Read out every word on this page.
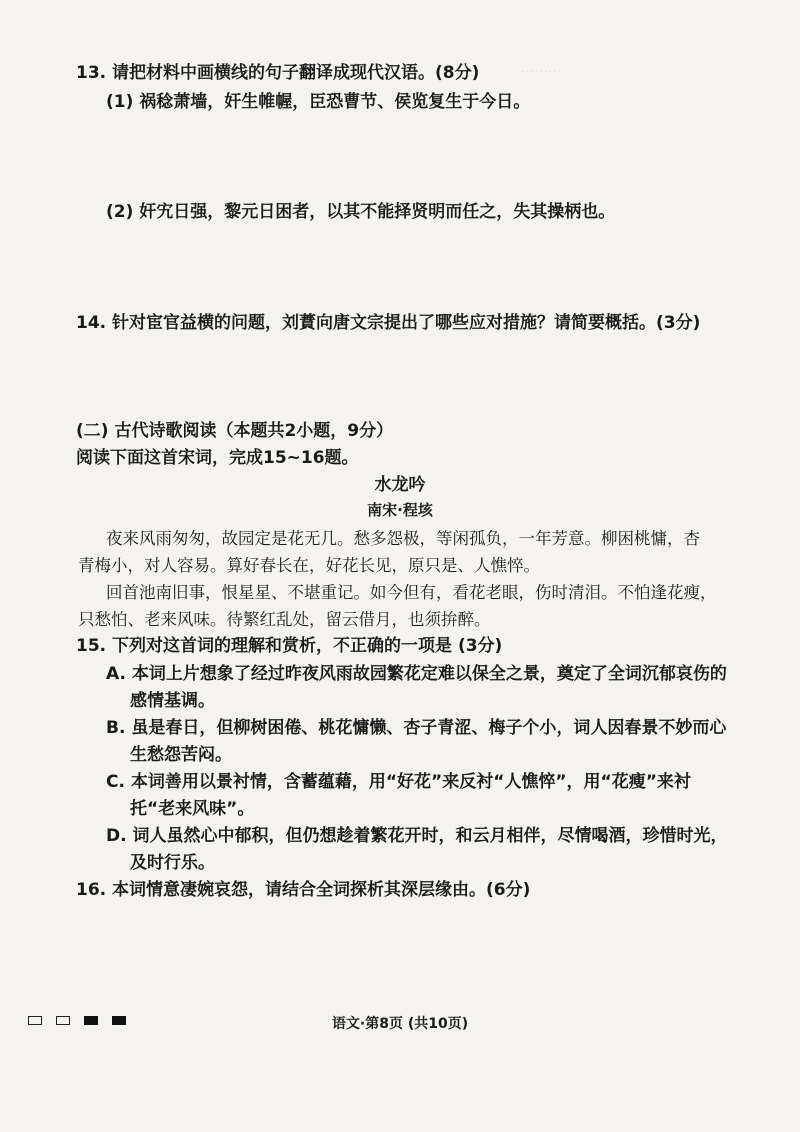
………
13. 请把材料中画横线的句子翻译成现代汉语。(8分)
(1) 祸稔萧墙，奸生帷幄，臣恐曹节、侯览复生于今日。
(2) 奸宄日强，黎元日困者，以其不能择贤明而任之，失其操柄也。
14. 针对宦官益横的问题，刘蕡向唐文宗提出了哪些应对措施？请简要概括。(3分)
(二) 古代诗歌阅读（本题共2小题，9分）
阅读下面这首宋词，完成15~16题。
水龙吟
南宋·程垓
夜来风雨匆匆，故园定是花无几。愁多怨极，等闲孤负，一年芳意。柳困桃慵，杏
青梅小，对人容易。算好春长在，好花长见，原只是、人憔悴。
回首池南旧事，恨星星、不堪重记。如今但有，看花老眼，伤时清泪。不怕逢花瘦，
只愁怕、老来风味。待繁红乱处，留云借月，也须拚醉。
15. 下列对这首词的理解和赏析，不正确的一项是 (3分)
A. 本词上片想象了经过昨夜风雨故园繁花定难以保全之景，奠定了全词沉郁哀伤的
感情基调。
B. 虽是春日，但柳树困倦、桃花慵懒、杏子青涩、梅子个小，词人因春景不妙而心
生愁怨苦闷。
C. 本词善用以景衬情，含蓄蕴藉，用“好花”来反衬“人憔悴”，用“花瘦”来衬
托“老来风味”。
D. 词人虽然心中郁积，但仍想趁着繁花开时，和云月相伴，尽情喝酒，珍惜时光，
及时行乐。
16. 本词情意凄婉哀怨，请结合全词探析其深层缘由。(6分)
语文·第8页 (共10页)
